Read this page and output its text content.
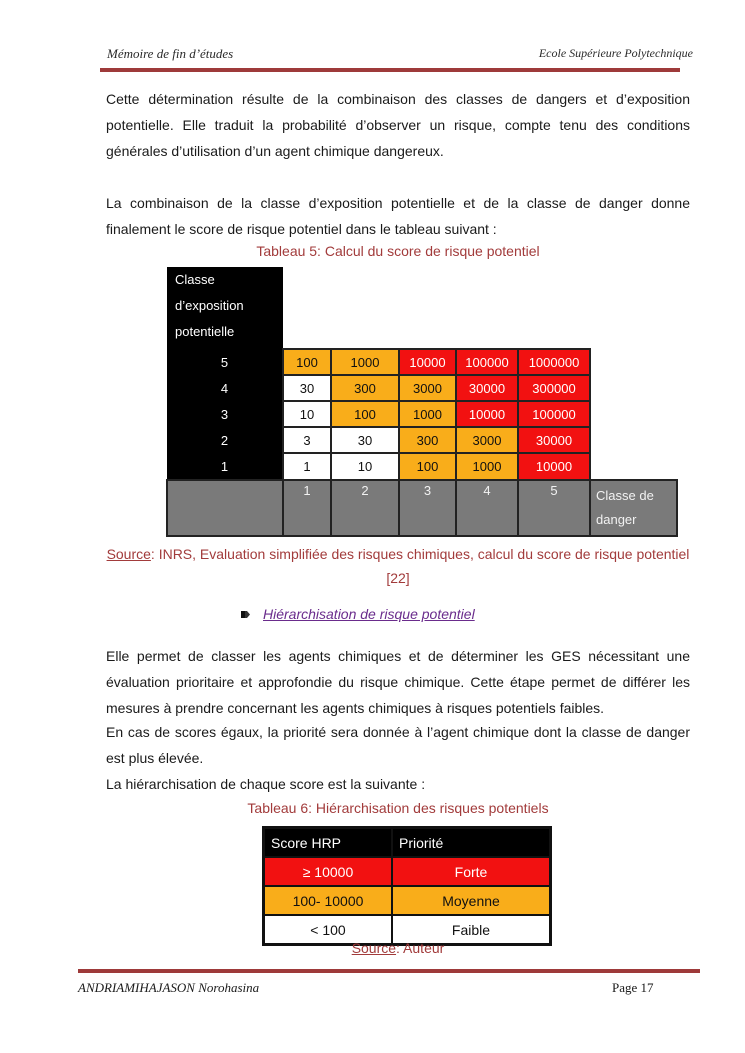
Mémoire de fin d’études	Ecole Supérieure Polytechnique
Cette détermination résulte de la combinaison des classes de dangers et d’exposition potentielle. Elle traduit la probabilité d’observer un risque, compte tenu des conditions générales d’utilisation d’un agent chimique dangereux.
La combinaison de la classe d’exposition potentielle et de la classe de danger donne finalement le score de risque potentiel dans le tableau suivant :
Tableau 5: Calcul du score de risque potentiel
Classe d’exposition potentielle						
5	100	1000	10000	100000	1000000	
4	30	300	3000	30000	300000	
3	10	100	1000	10000	100000	
2	3	30	300	3000	30000	
1	1	10	100	1000	10000	
	1	2	3	4	5	Classe de danger
Source: INRS, Evaluation simplifiée des risques chimiques, calcul du score de risque potentiel [22]
Hiérarchisation de risque potentiel
Elle permet de classer les agents chimiques et de déterminer les GES nécessitant une évaluation prioritaire et approfondie du risque chimique. Cette étape permet de différer les mesures à prendre concernant les agents chimiques à risques potentiels faibles.
En cas de scores égaux, la priorité sera donnée à l’agent chimique dont la classe de danger est plus élevée.
La hiérarchisation de chaque score est la suivante :
Tableau 6: Hiérarchisation des risques potentiels
Score HRP	Priorité
≥ 10000	Forte
100- 10000	Moyenne
< 100	Faible
Source: Auteur
ANDRIAMIHAJASON Norohasina	Page 17
